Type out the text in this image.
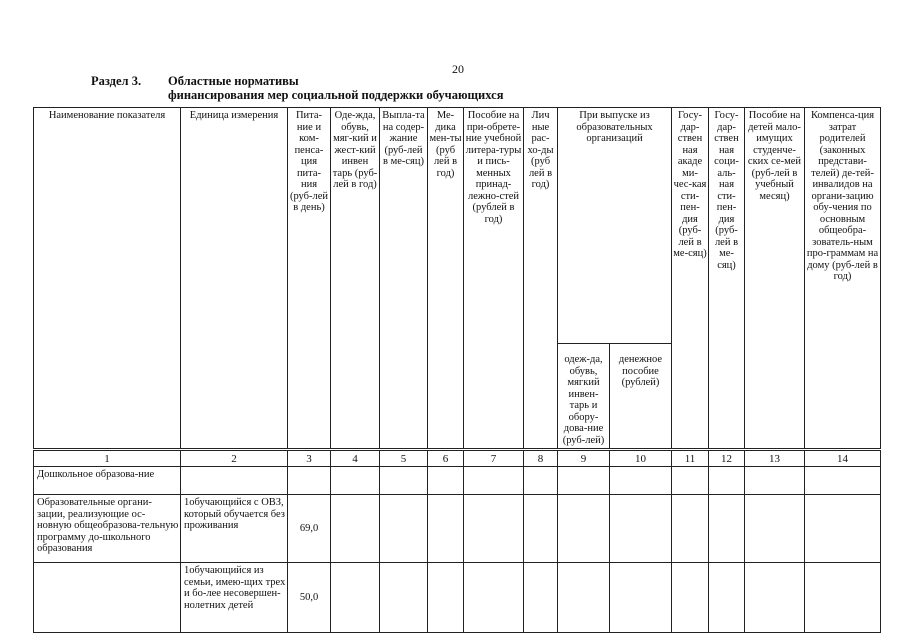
20
Раздел 3. Областные нормативы
финансирования мер социальной поддержки обучающихся
Наименование показателя	Единица измерения	Пита-ние и ком-пенса-ция пита-ния (руб-лей в день)	Оде-жда, обувь, мяг-кий и жест-кий инвен тарь (руб-лей в год)	Выпла-та на содер-жание (руб-лей в ме-сяц)	Ме-дика мен-ты (руб лей в год)	Пособие на при-обрете-ние учебной литера-туры и пись-менных принад-лежно-стей (рублей в год)	Лич ные рас-хо-ды (руб лей в год)	При выпуске из образовательных организаций		Госу-дар-ствен ная акаде ми-чес-кая сти-пен-дия (руб-лей в ме-сяц)	Госу-дар-ствен ная соци-аль-ная сти-пен-дия (руб-лей в ме-сяц)	Пособие на детей мало-имущих студенче-ских се-мей (руб-лей в учебный месяц)	Компенса-ция затрат родителей (законных представи-телей) де-тей-инвалидов на органи-зацию обу-чения по основным общеобра-зователь-ным про-граммам на дому (руб-лей в год)
								одеж-да, обувь, мягкий инвен-тарь и обору-дова-ние (руб-лей)	денежное пособие (рублей)				
1	2	3	4	5	6	7	8	9	10	11	12	13	14
Дошкольное образова-ние													
Образовательные органи-зации, реализующие ос-новную общеобразова-тельную программу до-школьного образования	1обучающийся с ОВЗ, который обучается без проживания	69,0											
	1обучающийся из семьи, имею-щих трех и бо-лее несовершен-нолетних детей	50,0											
